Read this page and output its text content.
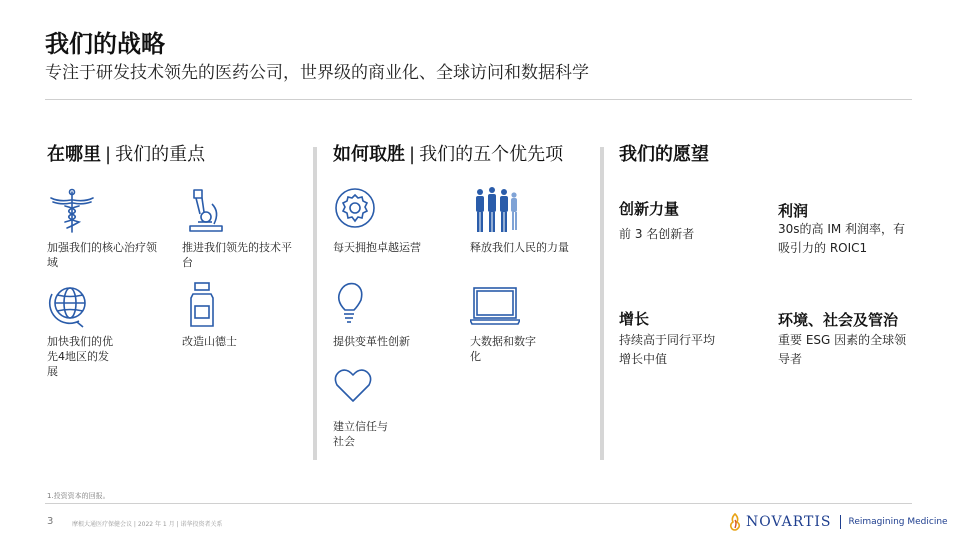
我们的战略
专注于研发技术领先的医药公司，世界级的商业化、全球访问和数据科学
在哪里 | 我们的重点	如何取胜 | 我们的五个优先项	我们的愿望
加强我们的核心治疗领域
推进我们领先的技术平台
加快我们的优先4地区的发展
改造山德士
每天拥抱卓越运营	释放我们人民的力量
提供变革性创新	大数据和数字化
建立信任与社会
创新力量
前 3 名创新者
利润
30s的高 IM 利润率，有吸引力的 ROIC1
增长
持续高于同行平均增长中值
环境、社会及管治
重要 ESG 因素的全球领导者
1.投资资本的回报。
3	摩根大通医疗保健会议 | 2022 年 1 月 | 诺华投资者关系	NOVARTIS Reimagining Medicine
